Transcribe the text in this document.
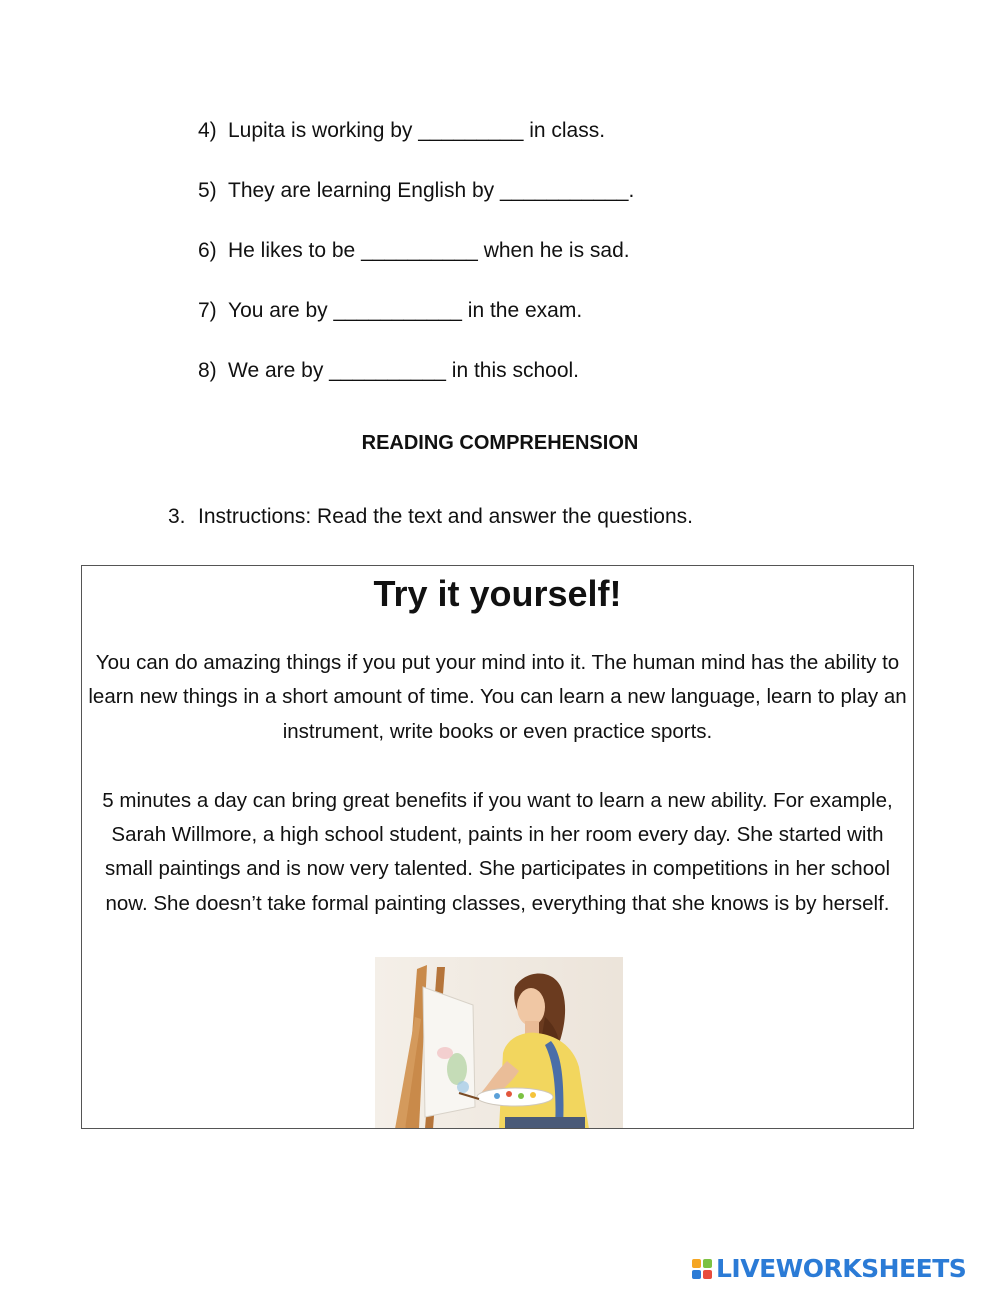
4) Lupita is working by _________ in class.
5) They are learning English by ___________.
6) He likes to be __________ when he is sad.
7) You are by ___________ in the exam.
8) We are by __________ in this school.
READING COMPREHENSION
3. Instructions: Read the text and answer the questions.
Try it yourself!

You can do amazing things if you put your mind into it. The human mind has the ability to learn new things in a short amount of time. You can learn a new language, learn to play an instrument, write books or even practice sports.

5 minutes a day can bring great benefits if you want to learn a new ability. For example, Sarah Willmore, a high school student, paints in her room every day. She started with small paintings and is now very talented. She participates in competitions in her school now. She doesn’t take formal painting classes, everything that she knows is by herself.

LIVEWORKSHEETS
